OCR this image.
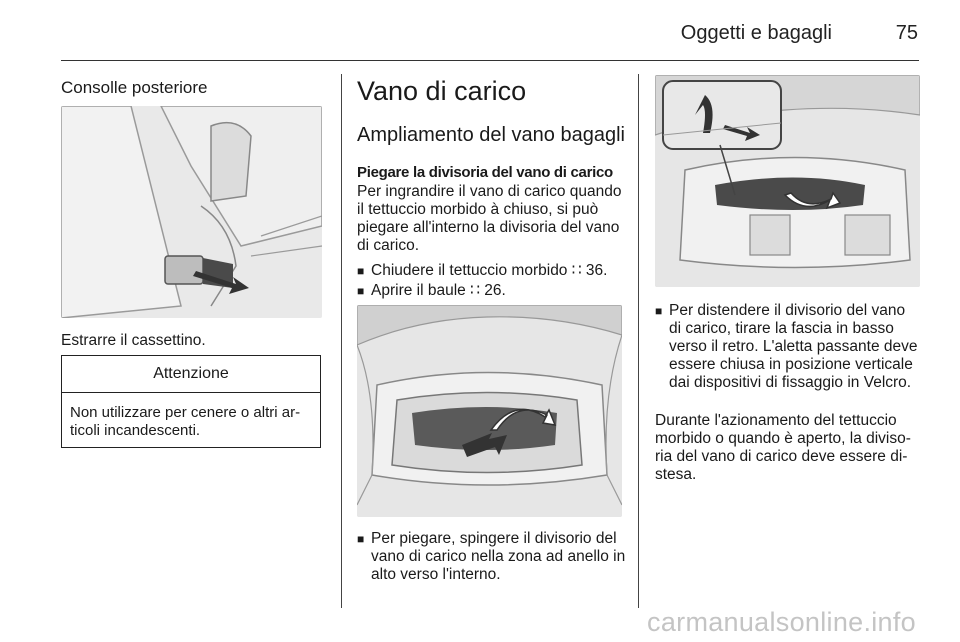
Oggetti e bagagli	75
Consolle posteriore
Estrarre il cassettino.
Attenzione
Non utilizzare per cenere o altri ar-ticoli incandescenti.
Vano di carico
Ampliamento del vano bagagli
Piegare la divisoria del vano di carico
Per ingrandire il vano di carico quando il tettuccio morbido à chiuso, si può piegare all'interno la divisoria del vano di carico.
■ Chiudere il tettuccio morbido ∷ 36.
■ Aprire il baule ∷ 26.
■ Per piegare, spingere il divisorio del vano di carico nella zona ad anello in alto verso l'interno.
■ Per distendere il divisorio del vano di carico, tirare la fascia in basso verso il retro. L'aletta passante deve essere chiusa in posizione verticale dai dispositivi di fissaggio in Velcro.
Durante l'azionamento del tettuccio morbido o quando è aperto, la diviso-ria del vano di carico deve essere di-stesa.
carmanualsonline.info
